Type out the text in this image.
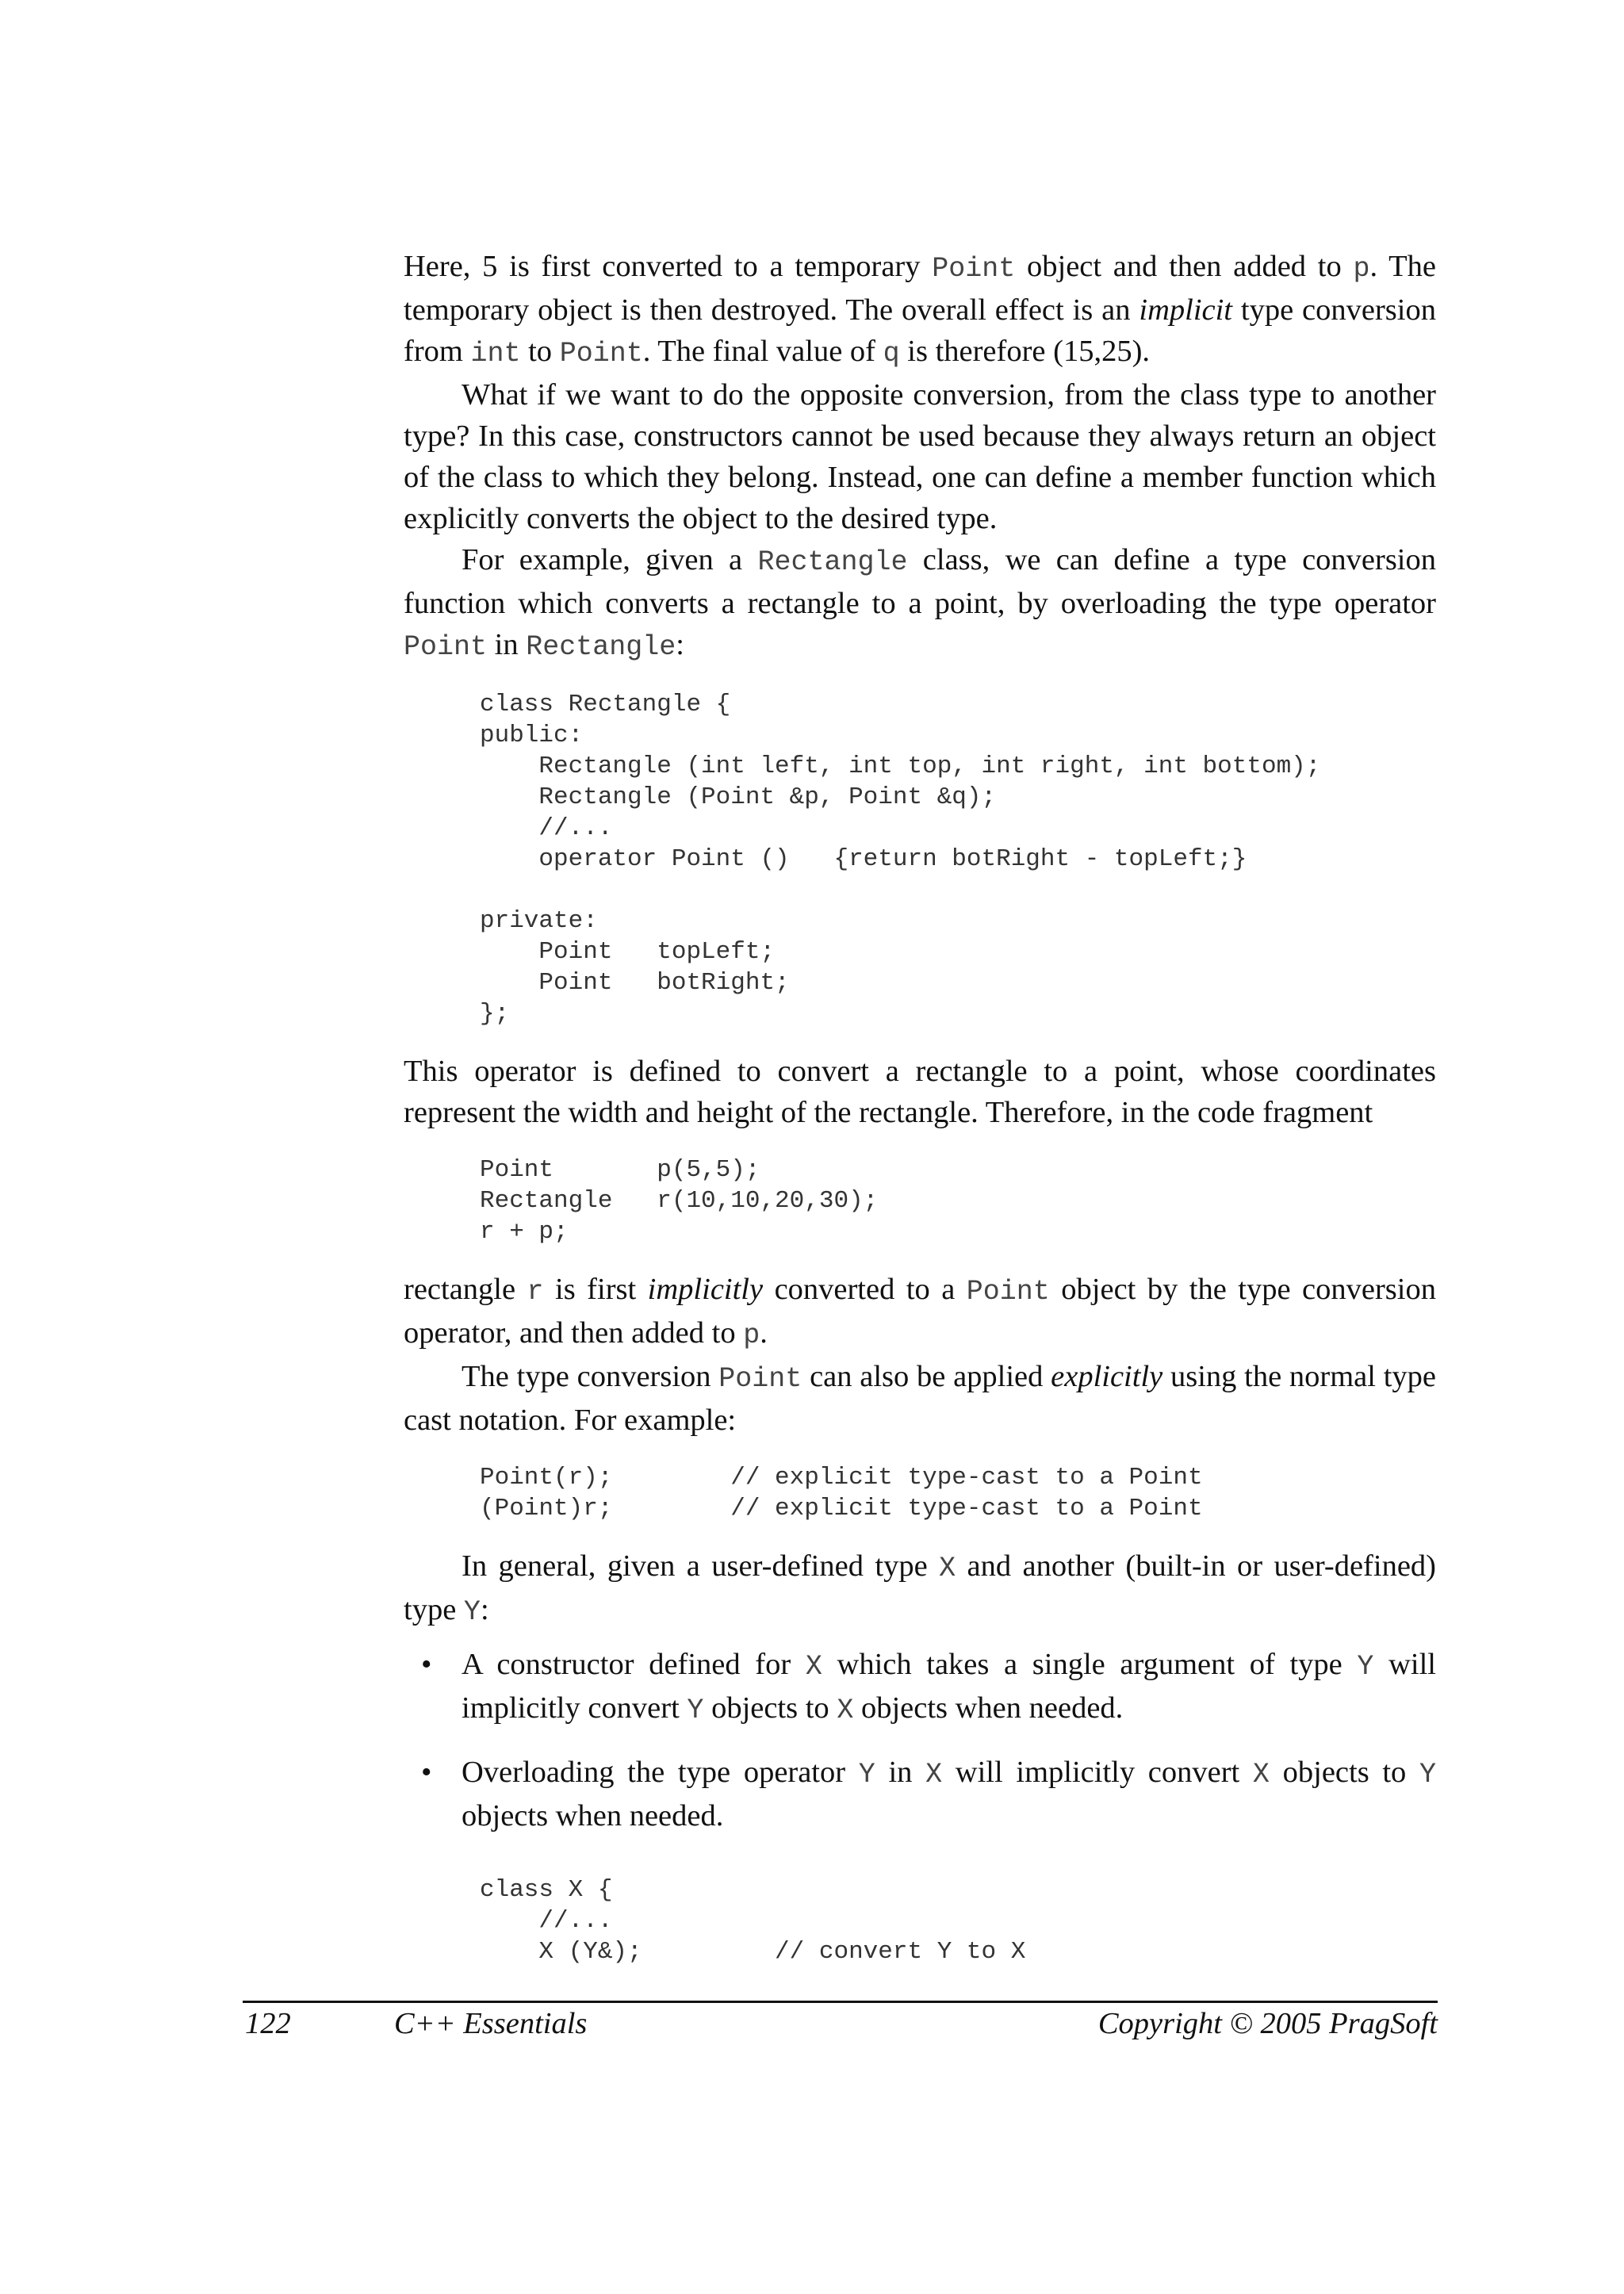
Here, 5 is first converted to a temporary Point object and then added to p. The temporary object is then destroyed. The overall effect is an implicit type conversion from int to Point. The final value of q is therefore (15,25).

What if we want to do the opposite conversion, from the class type to another type? In this case, constructors cannot be used because they always return an object of the class to which they belong. Instead, one can define a member function which explicitly converts the object to the desired type.

For example, given a Rectangle class, we can define a type conversion function which converts a rectangle to a point, by overloading the type operator Point in Rectangle:

class Rectangle {
public:
Rectangle (int left, int top, int right, int bottom);
Rectangle (Point &p, Point &q);
//...
operator Point ()   {return botRight - topLeft;}

private:
Point   topLeft;
Point   botRight;
};

This operator is defined to convert a rectangle to a point, whose coordinates represent the width and height of the rectangle. Therefore, in the code fragment

Point       p(5,5);
Rectangle   r(10,10,20,30);
r + p;

rectangle r is first implicitly converted to a Point object by the type conversion operator, and then added to p.

The type conversion Point can also be applied explicitly using the normal type cast notation. For example:

Point(r);        // explicit type-cast to a Point
(Point)r;        // explicit type-cast to a Point

In general, given a user-defined type X and another (built-in or user-defined) type Y:

• A constructor defined for X which takes a single argument of type Y will implicitly convert Y objects to X objects when needed.

• Overloading the type operator Y in X will implicitly convert X objects to Y objects when needed.

class X {
//...
X (Y&);         // convert Y to X
122	C++ Essentials	Copyright © 2005 PragSoft
